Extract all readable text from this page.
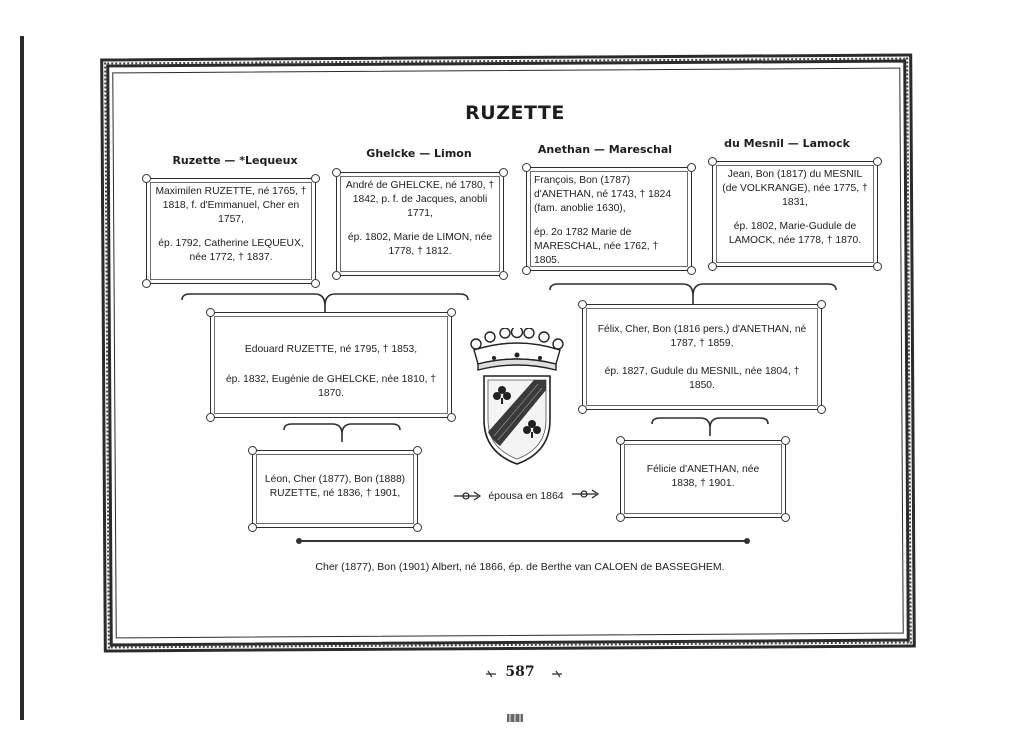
RUZETTE
Ruzette — *Lequeux
Ghelcke — Limon	Anethan — Mareschal	du Mesnil — Lamock

Maximilen RUZETTE, né 1765, † 1818, f. d'Emmanuel, Cher en 1757,

ép. 1792, Catherine LEQUEUX, née 1772, † 1837.

André de GHELCKE, né 1780, † 1842, p. f. de Jacques, anobli 1771,

ép. 1802, Marie de LIMON, née 1778, † 1812.

François, Bon (1787) d'ANETHAN, né 1743, † 1824 (fam. anoblie 1630),

ép. 2o 1782 Marie de MARESCHAL, née 1762, † 1805.

Jean, Bon (1817) du MESNIL (de VOLKRANGE), née 1775, † 1831,

ép. 1802, Marie-Gudule de LAMOCK, née 1778, † 1870.

Edouard RUZETTE, né 1795, † 1853,

ép. 1832, Eugénie de GHELCKE, née 1810, † 1870.

Félix, Cher, Bon (1816 pers.) d'ANETHAN, né 1787, † 1859,

ép. 1827, Gudule du MESNIL, née 1804, † 1850.

Léon, Cher (1877), Bon (1888) RUZETTE, né 1836, † 1901,

Félicie d'ANETHAN, née 1838, † 1901.

épousa en 1864
Cher (1877), Bon (1901) Albert, né 1866, ép. de Berthe van CALOEN de BASSEGHEM.
587
